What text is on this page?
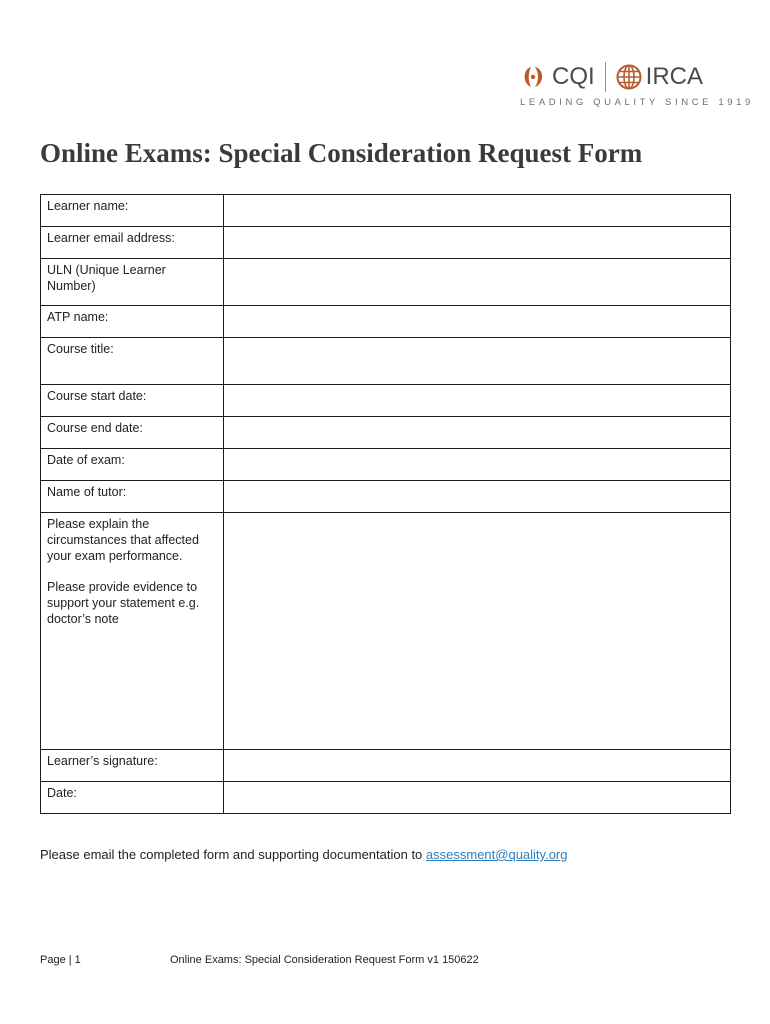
CQI IRCA
LEADING QUALITY SINCE 1919
Online Exams: Special Consideration Request Form
Learner name:	
Learner email address:	
ULN (Unique Learner Number)	
ATP name:	
Course title:	
Course start date:	
Course end date:	
Date of exam:	
Name of tutor:	

Please explain the circumstances that affected your exam performance.
Please provide evidence to support your statement e.g. doctor’s note	

Learner’s signature:	
Date:	
Please email the completed form and supporting documentation to assessment@quality.org
Page | 1	Online Exams: Special Consideration Request Form v1 150622
